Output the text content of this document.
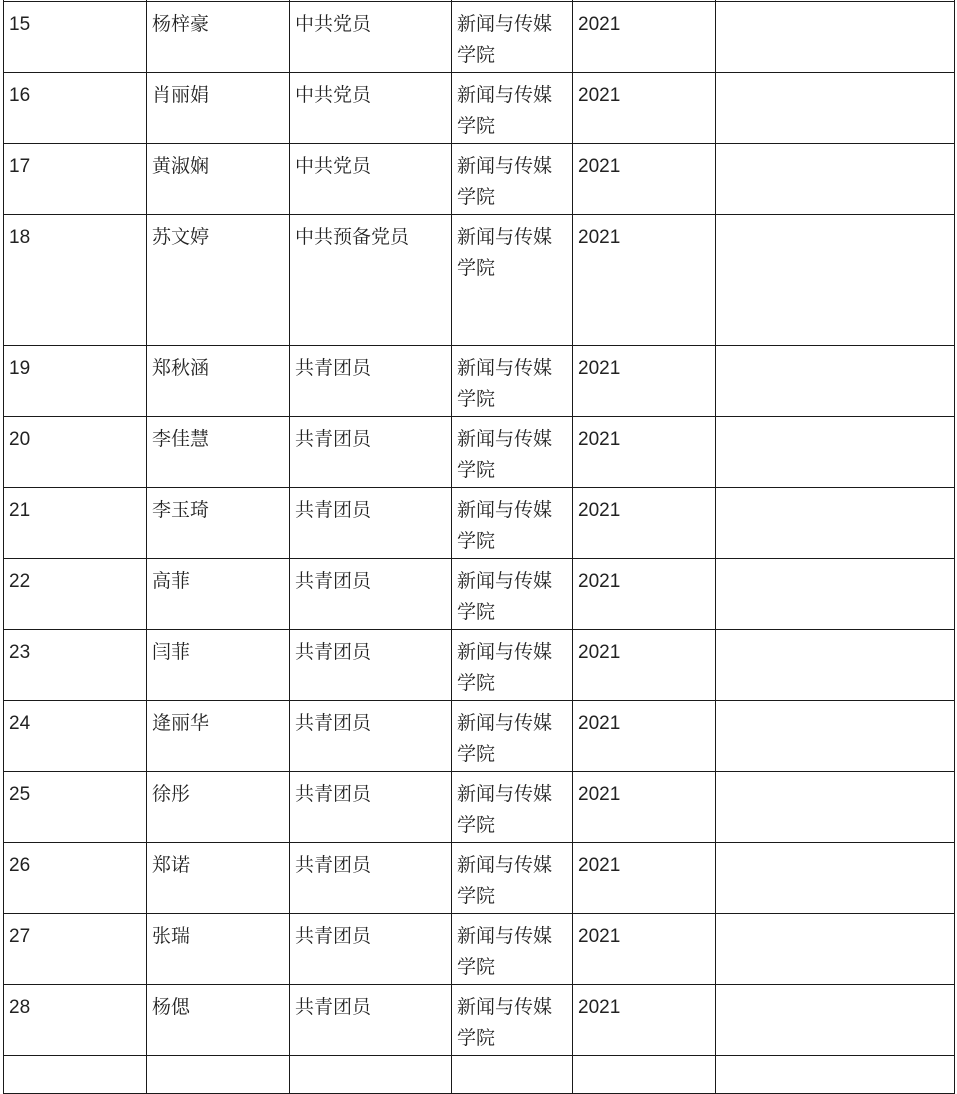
15	杨梓豪	中共党员	新闻与传媒学院	2021	
16	肖丽娟	中共党员	新闻与传媒学院	2021	
17	黄淑娴	中共党员	新闻与传媒学院	2021	
18	苏文婷	中共预备党员	新闻与传媒学院	2021	
19	郑秋涵	共青团员	新闻与传媒学院	2021	
20	李佳慧	共青团员	新闻与传媒学院	2021	
21	李玉琦	共青团员	新闻与传媒学院	2021	
22	高菲	共青团员	新闻与传媒学院	2021	
23	闫菲	共青团员	新闻与传媒学院	2021	
24	逄丽华	共青团员	新闻与传媒学院	2021	
25	徐彤	共青团员	新闻与传媒学院	2021	
26	郑诺	共青团员	新闻与传媒学院	2021	
27	张瑞	共青团员	新闻与传媒学院	2021	
28	杨偲	共青团员	新闻与传媒学院	2021	
